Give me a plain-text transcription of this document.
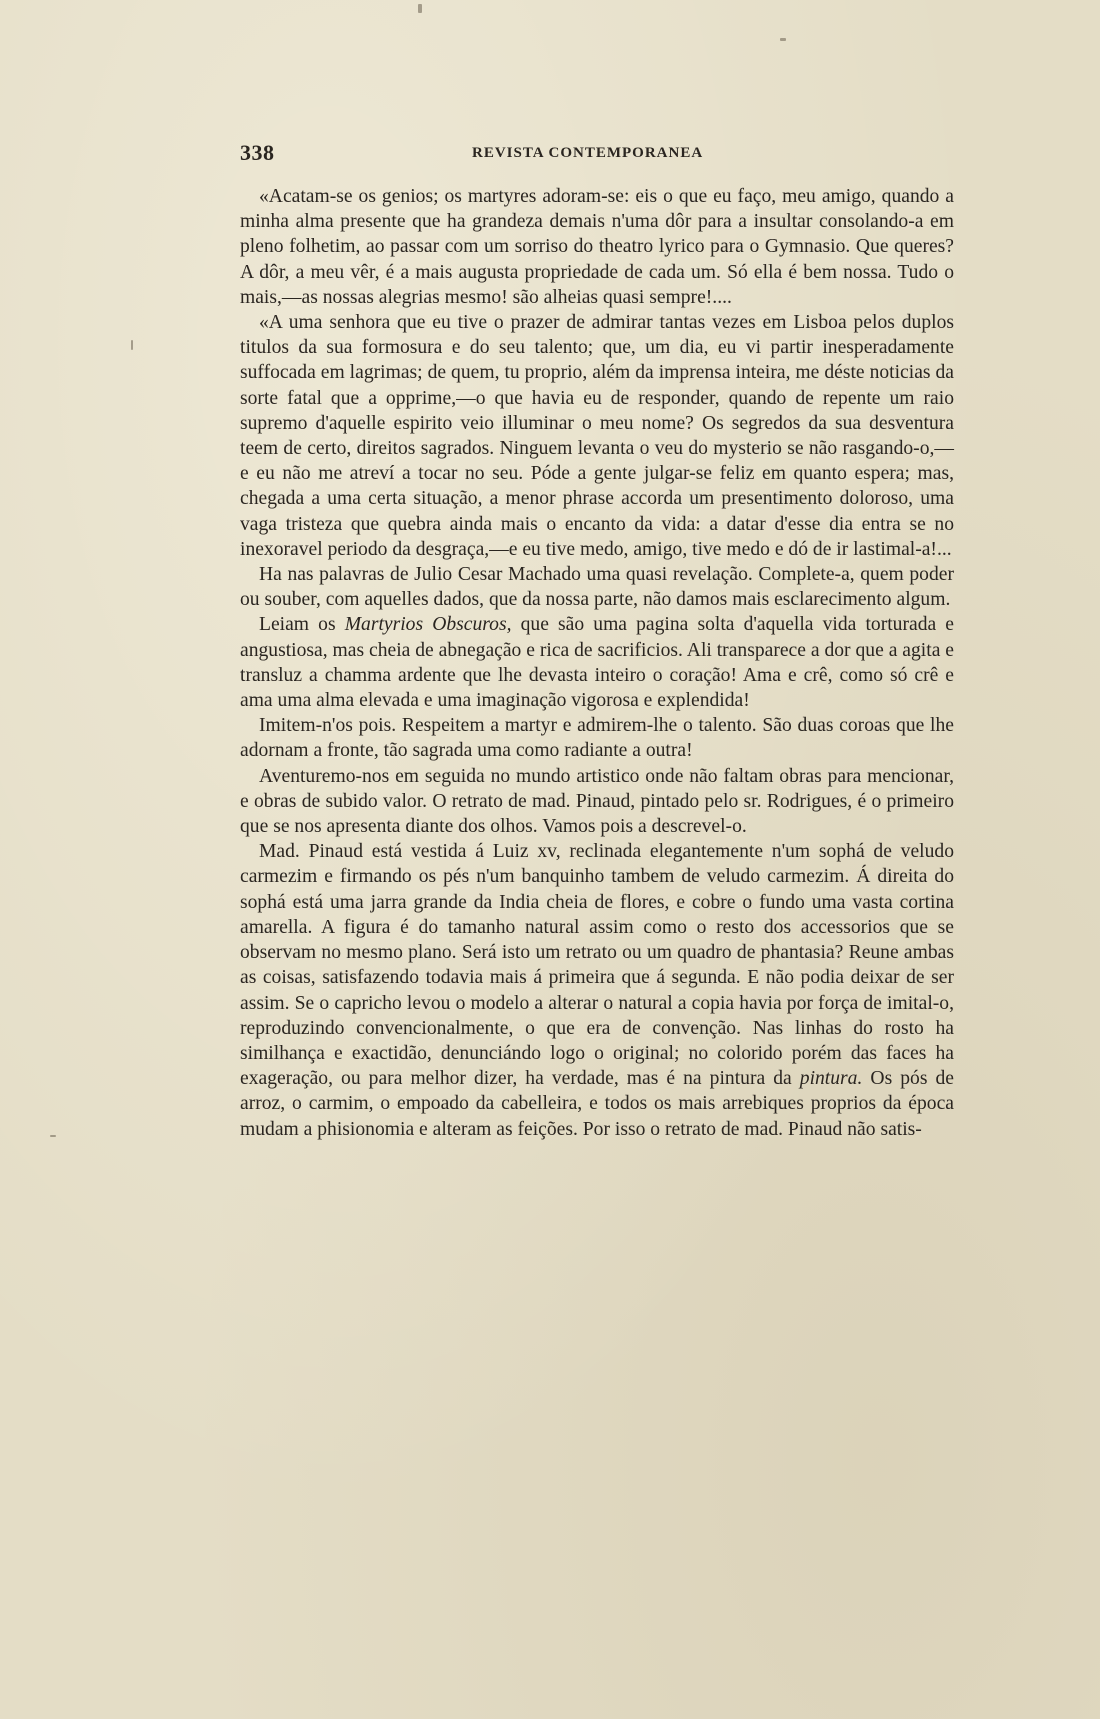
338	REVISTA CONTEMPORANEA

«Acatam-se os genios; os martyres adoram-se: eis o que eu faço, meu amigo, quando a minha alma presente que ha grandeza demais n'uma dôr para a insultar consolando-a em pleno folhetim, ao passar com um sorriso do theatro lyrico para o Gymnasio. Que queres? A dôr, a meu vêr, é a mais augusta propriedade de cada um. Só ella é bem nossa. Tudo o mais,—as nossas alegrias mesmo! são alheias quasi sempre!....

«A uma senhora que eu tive o prazer de admirar tantas vezes em Lisboa pelos duplos titulos da sua formosura e do seu talento; que, um dia, eu vi partir inesperadamente suffocada em lagrimas; de quem, tu proprio, além da imprensa inteira, me déste noticias da sorte fatal que a opprime,—o que havia eu de responder, quando de repente um raio supremo d'aquelle espirito veio illuminar o meu nome? Os segredos da sua desventura teem de certo, direitos sagrados. Ninguem levanta o veu do mysterio se não rasgando-o,—e eu não me atreví a tocar no seu. Póde a gente julgar-se feliz em quanto espera; mas, chegada a uma certa situação, a menor phrase accorda um presentimento doloroso, uma vaga tristeza que quebra ainda mais o encanto da vida: a datar d'esse dia entra se no inexoravel periodo da desgraça,—e eu tive medo, amigo, tive medo e dó de ir lastimal-a!...

Ha nas palavras de Julio Cesar Machado uma quasi revelação. Complete-a, quem poder ou souber, com aquelles dados, que da nossa parte, não damos mais esclarecimento algum.

Leiam os Martyrios Obscuros, que são uma pagina solta d'aquella vida torturada e angustiosa, mas cheia de abnegação e rica de sacrificios. Ali transparece a dor que a agita e transluz a chamma ardente que lhe devasta inteiro o coração! Ama e crê, como só crê e ama uma alma elevada e uma imaginação vigorosa e explendida!

Imitem-n'os pois. Respeitem a martyr e admirem-lhe o talento. São duas coroas que lhe adornam a fronte, tão sagrada uma como radiante a outra!

Aventuremo-nos em seguida no mundo artistico onde não faltam obras para mencionar, e obras de subido valor. O retrato de mad. Pinaud, pintado pelo sr. Rodrigues, é o primeiro que se nos apresenta diante dos olhos. Vamos pois a descrevel-o.

Mad. Pinaud está vestida á Luiz xv, reclinada elegantemente n'um sophá de veludo carmezim e firmando os pés n'um banquinho tambem de veludo carmezim. Á direita do sophá está uma jarra grande da India cheia de flores, e cobre o fundo uma vasta cortina amarella. A figura é do tamanho natural assim como o resto dos accessorios que se observam no mesmo plano. Será isto um retrato ou um quadro de phantasia? Reune ambas as coisas, satisfazendo todavia mais á primeira que á segunda. E não podia deixar de ser assim. Se o capricho levou o modelo a alterar o natural a copia havia por força de imital-o, reproduzindo convencionalmente, o que era de convenção. Nas linhas do rosto ha similhança e exactidão, denunciándo logo o original; no colorido porém das faces ha exageração, ou para melhor dizer, ha verdade, mas é na pintura da pintura. Os pós de arroz, o carmim, o empoado da cabelleira, e todos os mais arrebiques proprios da época mudam a phisionomia e alteram as feições. Por isso o retrato de mad. Pinaud não satis-
